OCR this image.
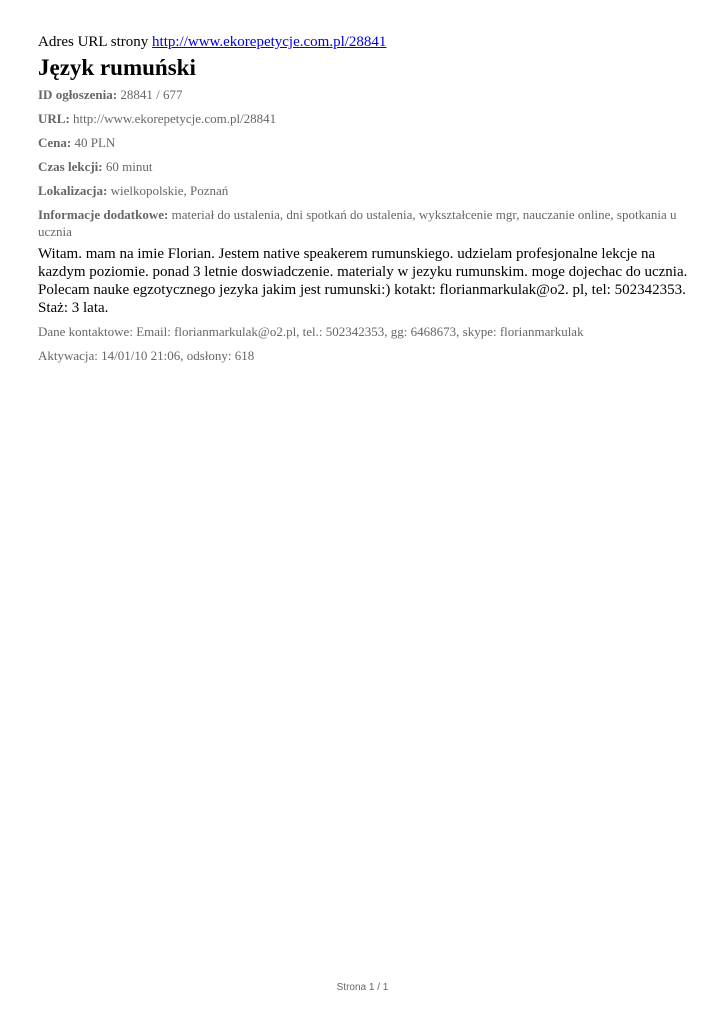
Adres URL strony http://www.ekorepetycje.com.pl/28841

Język rumuński

ID ogłoszenia: 28841 / 677

URL: http://www.ekorepetycje.com.pl/28841

Cena: 40 PLN

Czas lekcji: 60 minut

Lokalizacja: wielkopolskie, Poznań

Informacje dodatkowe: materiał do ustalenia, dni spotkań do ustalenia, wykształcenie mgr, nauczanie online, spotkania u ucznia

Witam. mam na imie Florian. Jestem native speakerem rumunskiego. udzielam profesjonalne lekcje na kazdym poziomie. ponad 3 letnie doswiadczenie. materialy w jezyku rumunskim. moge dojechac do ucznia. Polecam nauke egzotycznego jezyka jakim jest rumunski:) kotakt: florianmarkulak@o2. pl, tel: 502342353. Staż: 3 lata.

Dane kontaktowe: Email: florianmarkulak@o2.pl, tel.: 502342353, gg: 6468673, skype: florianmarkulak

Aktywacja: 14/01/10 21:06, odsłony: 618

Strona 1 / 1
